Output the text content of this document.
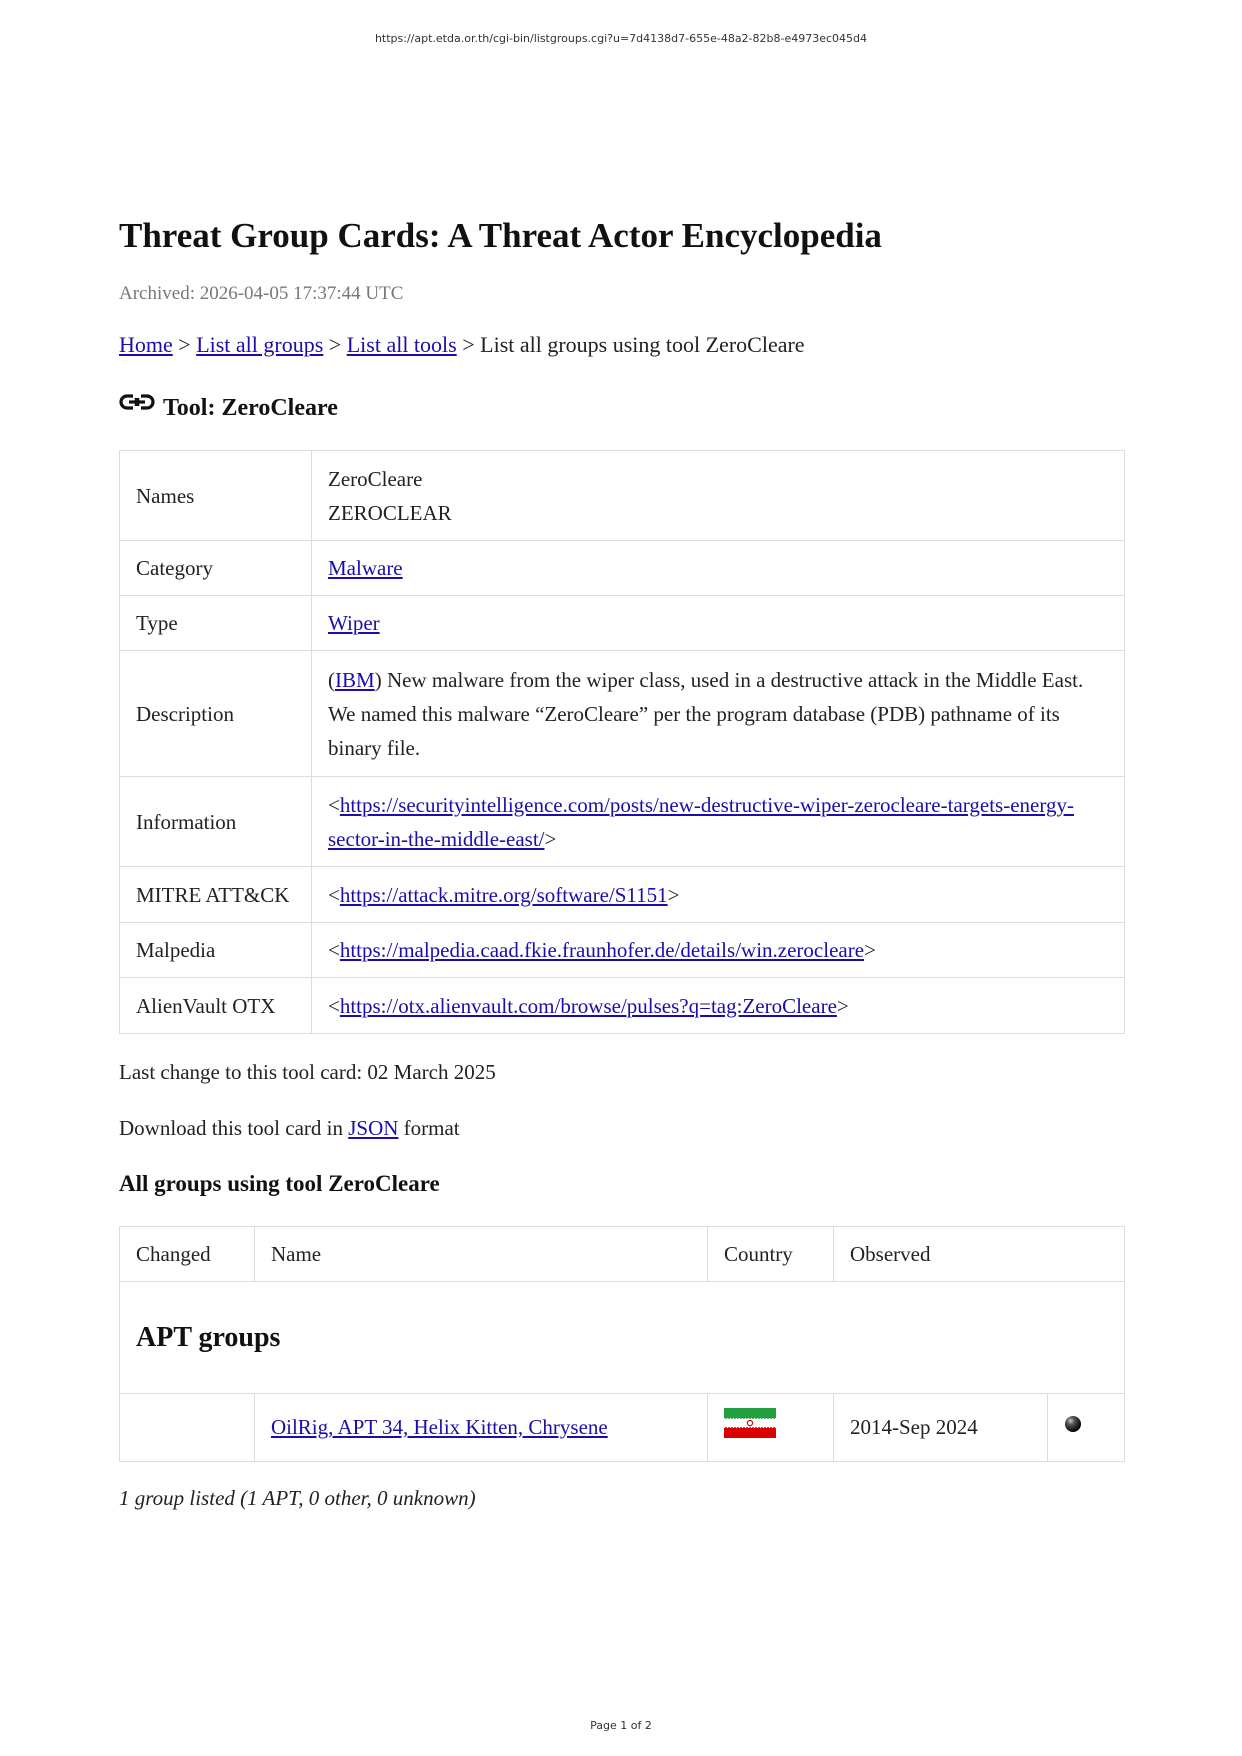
https://apt.etda.or.th/cgi-bin/listgroups.cgi?u=7d4138d7-655e-48a2-82b8-e4973ec045d4
Threat Group Cards: A Threat Actor Encyclopedia
Archived: 2026-04-05 17:37:44 UTC
Home > List all groups > List all tools > List all groups using tool ZeroCleare
Tool: ZeroCleare
Names	ZeroCleare
ZEROCLEAR

Category	Malware
Type	Wiper
Description	(IBM) New malware from the wiper class, used in a destructive attack in the Middle East. We named this malware “ZeroCleare” per the program database (PDB) pathname of its binary file.
Information	<https://securityintelligence.com/posts/new-destructive-wiper-zerocleare-targets-energy-sector-in-the-middle-east/>
MITRE ATT&CK	<https://attack.mitre.org/software/S1151>
Malpedia	<https://malpedia.caad.fkie.fraunhofer.de/details/win.zerocleare>
AlienVault OTX	<https://otx.alienvault.com/browse/pulses?q=tag:ZeroCleare>
Last change to this tool card: 02 March 2025
Download this tool card in JSON format
All groups using tool ZeroCleare
Changed	Name	Country	Observed	
APT groups				
	OilRig, APT 34, Helix Kitten, Chrysene		2014-Sep 2024	
1 group listed (1 APT, 0 other, 0 unknown)
Page 1 of 2
